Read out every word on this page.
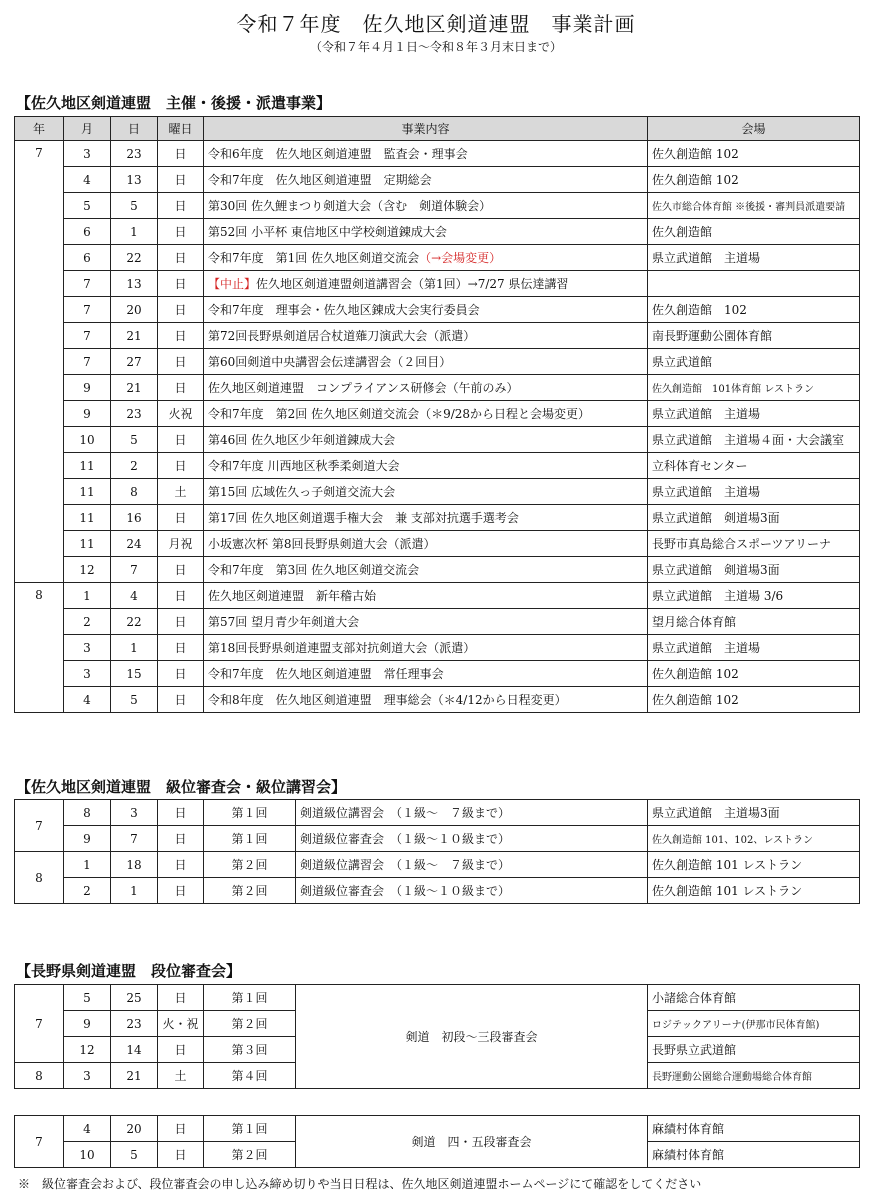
令和７年度　佐久地区剣道連盟　事業計画
（令和７年４月１日～令和８年３月末日まで）
【佐久地区剣道連盟　主催・後援・派遣事業】
年	月	日	曜日	事業内容	会場
7	3	23	日	令和6年度　佐久地区剣道連盟　監査会・理事会	佐久創造館 102
	4	13	日	令和7年度　佐久地区剣道連盟　定期総会	佐久創造館 102
	5	5	日	第30回 佐久鯉まつり剣道大会（含む　剣道体験会）	佐久市総合体育館 ※後援・審判員派遣要請
	6	1	日	第52回 小平杯 東信地区中学校剣道錬成大会	佐久創造館
	6	22	日	令和7年度　第1回 佐久地区剣道交流会（→会場変更）	県立武道館　主道場
	7	13	日	【中止】佐久地区剣道連盟剣道講習会（第1回）→7/27 県伝達講習	
	7	20	日	令和7年度　理事会・佐久地区錬成大会実行委員会	佐久創造館　102
	7	21	日	第72回長野県剣道居合杖道薙刀演武大会（派遣）	南長野運動公園体育館
	7	27	日	第60回剣道中央講習会伝達講習会（２回目）	県立武道館
	9	21	日	佐久地区剣道連盟　コンプライアンス研修会（午前のみ）	佐久創造館　101体育館 レストラン
	9	23	火祝	令和7年度　第2回 佐久地区剣道交流会（＊9/28から日程と会場変更）	県立武道館　主道場
	10	5	日	第46回 佐久地区少年剣道錬成大会	県立武道館　主道場４面・大会議室
	11	2	日	令和7年度 川西地区秋季柔剣道大会	立科体育センター
	11	8	土	第15回 広域佐久っ子剣道交流大会	県立武道館　主道場
	11	16	日	第17回 佐久地区剣道選手権大会　兼 支部対抗選手選考会	県立武道館　剣道場3面
	11	24	月祝	小坂憲次杯 第8回長野県剣道大会（派遣）	長野市真島総合スポーツアリーナ
	12	7	日	令和7年度　第3回 佐久地区剣道交流会	県立武道館　剣道場3面
8	1	4	日	佐久地区剣道連盟　新年稽古始	県立武道館　主道場 3/6
	2	22	日	第57回 望月青少年剣道大会	望月総合体育館
	3	1	日	第18回長野県剣道連盟支部対抗剣道大会（派遣）	県立武道館　主道場
	3	15	日	令和7年度　佐久地区剣道連盟　常任理事会	佐久創造館 102
	4	5	日	令和8年度　佐久地区剣道連盟　理事総会（＊4/12から日程変更）	佐久創造館 102
【佐久地区剣道連盟　級位審査会・級位講習会】
7	8	3	日	第１回	剣道級位講習会　（１級～　７級まで）	県立武道館　主道場3面
	9	7	日	第１回	剣道級位審査会　（１級～１０級まで）	佐久創造館 101、102、レストラン
8	1	18	日	第２回	剣道級位講習会　（１級～　７級まで）	佐久創造館 101 レストラン
	2	1	日	第２回	剣道級位審査会　（１級～１０級まで）	佐久創造館 101 レストラン
【長野県剣道連盟　段位審査会】
7	5	25	日	第１回	剣道　初段～三段審査会	小諸総合体育館
	9	23	火・祝	第２回		ロジテックアリーナ(伊那市民体育館)
	12	14	日	第３回		長野県立武道館
8	3	21	土	第４回		長野運動公園総合運動場総合体育館
7	4	20	日	第１回	剣道　四・五段審査会	麻績村体育館
	10	5	日	第２回		麻績村体育館
※　級位審査会および、段位審査会の申し込み締め切りや当日日程は、佐久地区剣道連盟ホームページにて確認をしてください
